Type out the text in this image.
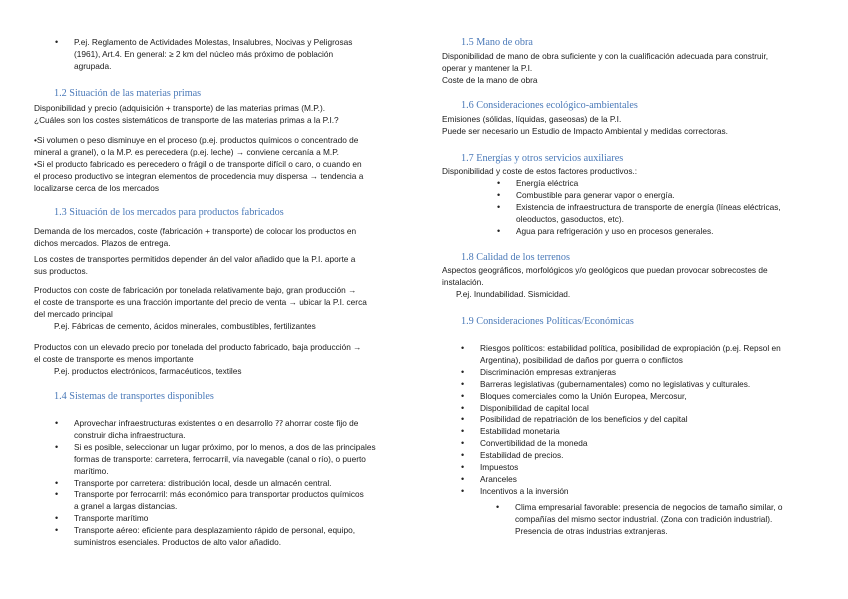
• P.ej. Reglamento de Actividades Molestas, Insalubres, Nocivas y Peligrosas
(1961), Art.4. En general: ≥ 2 km del núcleo más próximo de población
agrupada.
1.2 Situación de las materias primas
Disponibilidad y precio (adquisición + transporte) de las materias primas (M.P.).
¿Cuáles son los costes sistemáticos de transporte de las materias primas a la P.I.?
•Si volumen o peso disminuye en el proceso (p.ej. productos químicos o concentrado de
mineral a granel), o la M.P. es perecedera (p.ej. leche) → conviene cercanía a M.P.
•Si el producto fabricado es perecedero o frágil o de transporte difícil o caro, o cuando en
el proceso productivo se integran elementos de procedencia muy dispersa → tendencia a
localizarse cerca de los mercados
1.3 Situación de los mercados para productos fabricados
Demanda de los mercados, coste (fabricación + transporte) de colocar los productos en
dichos mercados. Plazos de entrega.
Los costes de transportes permitidos depender án del valor añadido que la P.I. aporte a
sus productos.
Productos con coste de fabricación por tonelada relativamente bajo, gran producción →
el coste de transporte es una fracción importante del precio de venta → ubicar la P.I. cerca
del mercado principal
P.ej. Fábricas de cemento, ácidos minerales, combustibles, fertilizantes
Productos con un elevado precio por tonelada del producto fabricado, baja producción →
el coste de transporte es menos importante
P.ej. productos electrónicos, farmacéuticos, textiles
1.4 Sistemas de transportes disponibles
• Aprovechar infraestructuras existentes o en desarrollo ⁇ ahorrar coste fijo de
construir dicha infraestructura.
• Si es posible, seleccionar un lugar próximo, por lo menos, a dos de las principales
formas de transporte: carretera, ferrocarril, vía navegable (canal o río), o puerto
marítimo.
• Transporte por carretera: distribución local, desde un almacén central.
• Transporte por ferrocarril: más económico para transportar productos químicos
a granel a largas distancias.
• Transporte marítimo
• Transporte aéreo: eficiente para desplazamiento rápido de personal, equipo,
suministros esenciales. Productos de alto valor añadido.
1.5 Mano de obra
Disponibilidad de mano de obra suficiente y con la cualificación adecuada para construir,
operar y mantener la P.I.
Coste de la mano de obra
1.6 Consideraciones ecológico-ambientales
Emisiones (sólidas, líquidas, gaseosas) de la P.I.
Puede ser necesario un Estudio de Impacto Ambiental y medidas correctoras.
1.7 Energías y otros servicios auxiliares
Disponibilidad y coste de estos factores productivos.:
• Energía eléctrica
• Combustible para generar vapor o energía.
• Existencia de infraestructura de transporte de energía (líneas eléctricas,
oleoductos, gasoductos, etc).
• Agua para refrigeración y uso en procesos generales.
1.8 Calidad de los terrenos
Aspectos geográficos, morfológicos y/o geológicos que puedan provocar sobrecostes de
instalación.
P.ej. Inundabilidad. Sismicidad.
1.9 Consideraciones Políticas/Económicas
• Riesgos políticos: estabilidad política, posibilidad de expropiación (p.ej. Repsol en
Argentina), posibilidad de daños por guerra o conflictos
• Discriminación empresas extranjeras
• Barreras legislativas (gubernamentales) como no legislativas y culturales.
• Bloques comerciales como la Unión Europea, Mercosur,
• Disponibilidad de capital local
• Posibilidad de repatriación de los beneficios y del capital
• Estabilidad monetaria
• Convertibilidad de la moneda
• Estabilidad de precios.
• Impuestos
• Aranceles
• Incentivos a la inversión
• Clima empresarial favorable: presencia de negocios de tamaño similar, o
compañías del mismo sector industrial. (Zona con tradición industrial).
Presencia de otras industrias extranjeras.
